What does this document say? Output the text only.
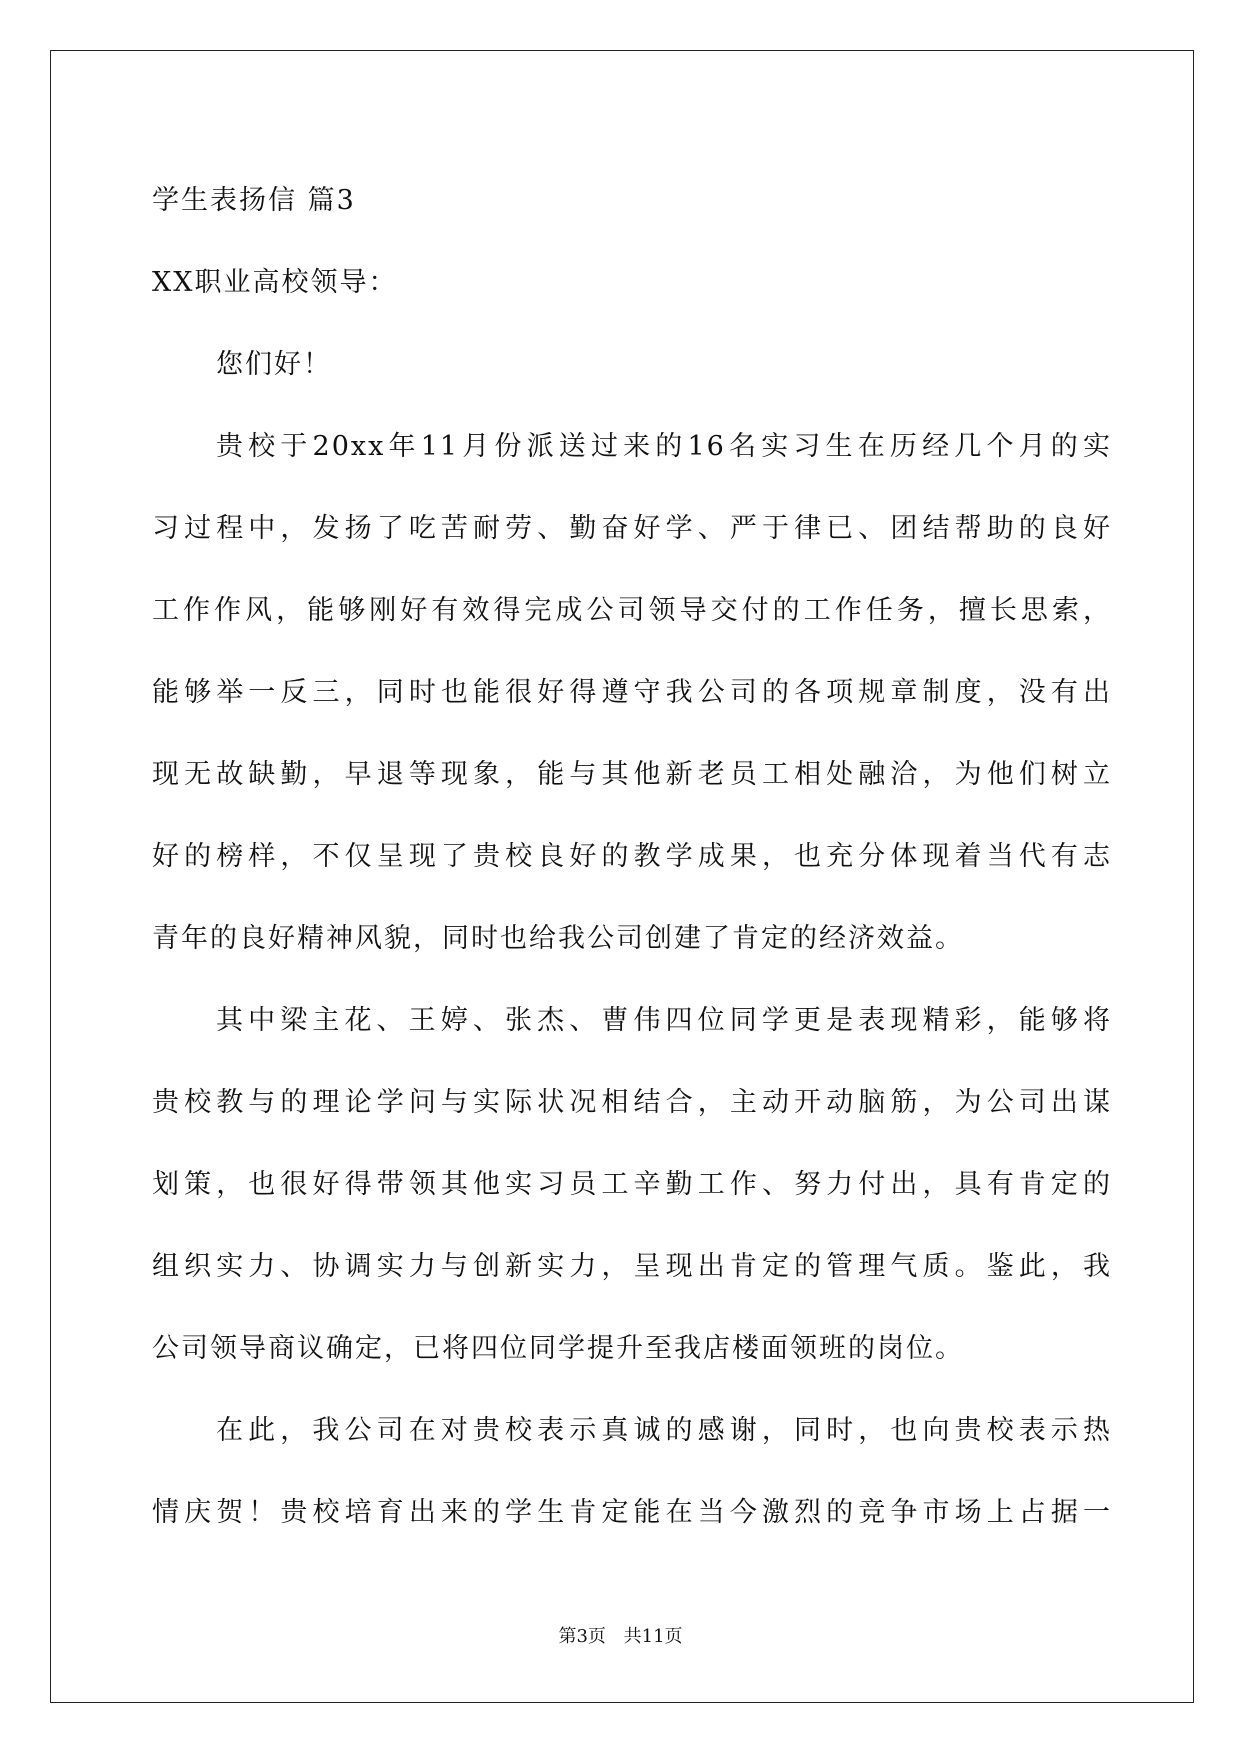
学生表扬信 篇3
XX职业高校领导：
您们好！
贵校于20xx年11月份派送过来的16名实习生在历经几个月的实
习过程中，发扬了吃苦耐劳、勤奋好学、严于律已、团结帮助的良好
工作作风，能够刚好有效得完成公司领导交付的工作任务，擅长思索，
能够举一反三，同时也能很好得遵守我公司的各项规章制度，没有出
现无故缺勤，早退等现象，能与其他新老员工相处融洽，为他们树立
好的榜样，不仅呈现了贵校良好的教学成果，也充分体现着当代有志
青年的良好精神风貌，同时也给我公司创建了肯定的经济效益。
其中梁主花、王婷、张杰、曹伟四位同学更是表现精彩，能够将
贵校教与的理论学问与实际状况相结合，主动开动脑筋，为公司出谋
划策，也很好得带领其他实习员工辛勤工作、努力付出，具有肯定的
组织实力、协调实力与创新实力，呈现出肯定的管理气质。鉴此，我
公司领导商议确定，已将四位同学提升至我店楼面领班的岗位。
在此，我公司在对贵校表示真诚的感谢，同时，也向贵校表示热
情庆贺！贵校培育出来的学生肯定能在当今激烈的竞争市场上占据一
第3页 共11页
